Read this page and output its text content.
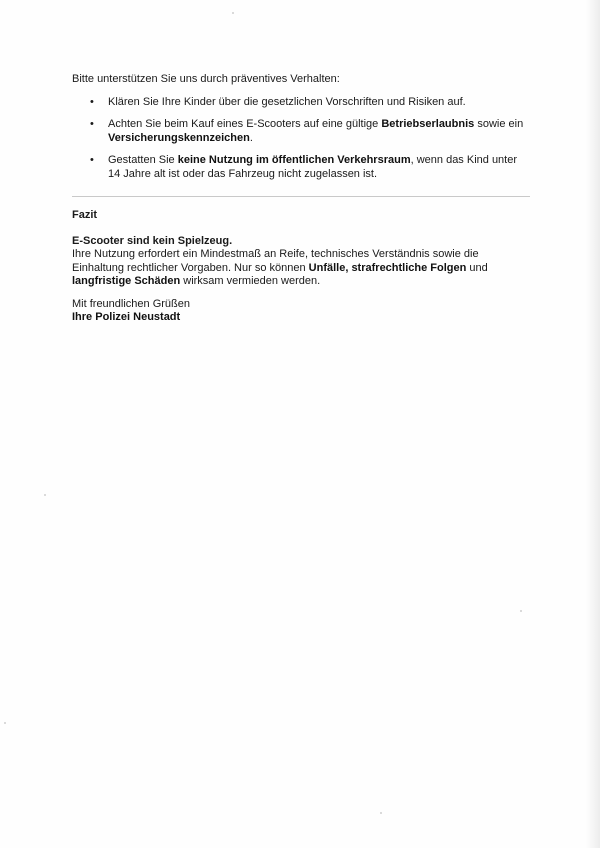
Bitte unterstützen Sie uns durch präventives Verhalten:

• Klären Sie Ihre Kinder über die gesetzlichen Vorschriften und Risiken auf.
• Achten Sie beim Kauf eines E-Scooters auf eine gültige Betriebserlaubnis sowie ein Versicherungskennzeichen.
• Gestatten Sie keine Nutzung im öffentlichen Verkehrsraum, wenn das Kind unter 14 Jahre alt ist oder das Fahrzeug nicht zugelassen ist.

Fazit

E-Scooter sind kein Spielzeug.

Ihre Nutzung erfordert ein Mindestmaß an Reife, technisches Verständnis sowie die Einhaltung rechtlicher Vorgaben. Nur so können Unfälle, strafrechtliche Folgen und langfristige Schäden wirksam vermieden werden.

Mit freundlichen Grüßen

Ihre Polizei Neustadt
